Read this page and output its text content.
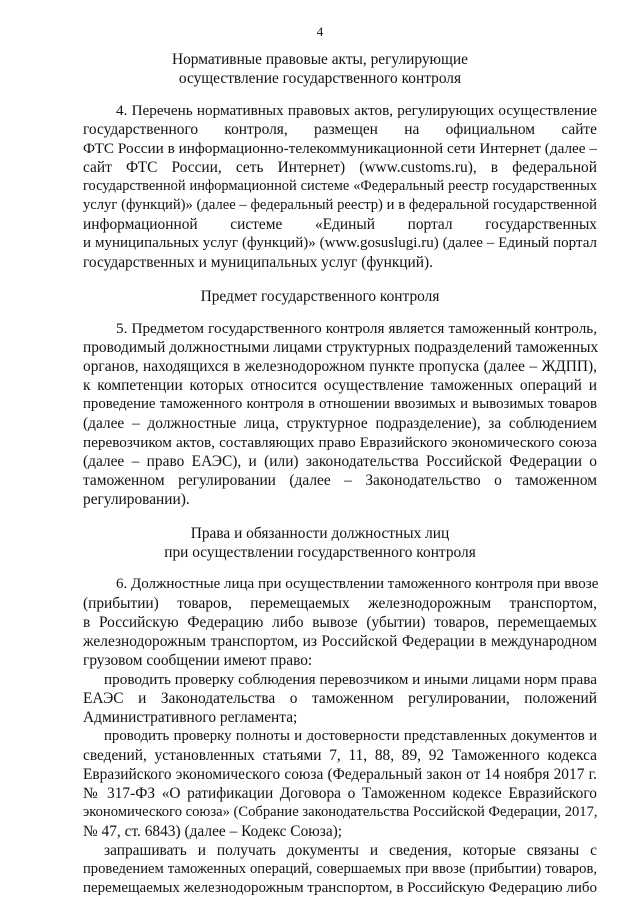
4
Нормативные правовые акты, регулирующие
осуществление государственного контроля
4. Перечень нормативных правовых актов, регулирующих осуществление
государственного контроля, размещен на официальном сайте
ФТС России в информационно-телекоммуникационной сети Интернет (далее –
сайт ФТС России, сеть Интернет) (www.customs.ru), в федеральной
государственной информационной системе «Федеральный реестр государственных
услуг (функций)» (далее – федеральный реестр) и в федеральной государственной
информационной системе «Единый портал государственных
и муниципальных услуг (функций)» (www.gosuslugi.ru) (далее – Единый портал
государственных и муниципальных услуг (функций).
Предмет государственного контроля
5. Предметом государственного контроля является таможенный контроль,
проводимый должностными лицами структурных подразделений таможенных
органов, находящихся в железнодорожном пункте пропуска (далее – ЖДПП),
к компетенции которых относится осуществление таможенных операций и
проведение таможенного контроля в отношении ввозимых и вывозимых товаров
(далее – должностные лица, структурное подразделение), за соблюдением
перевозчиком актов, составляющих право Евразийского экономического союза
(далее – право ЕАЭС), и (или) законодательства Российской Федерации о
таможенном регулировании (далее – Законодательство о таможенном
регулировании).
Права и обязанности должностных лиц
при осуществлении государственного контроля
6. Должностные лица при осуществлении таможенного контроля при ввозе
(прибытии) товаров, перемещаемых железнодорожным транспортом,
в Российскую Федерацию либо вывозе (убытии) товаров, перемещаемых
железнодорожным транспортом, из Российской Федерации в международном
грузовом сообщении имеют право:
проводить проверку соблюдения перевозчиком и иными лицами норм права
ЕАЭС и Законодательства о таможенном регулировании, положений
Административного регламента;
проводить проверку полноты и достоверности представленных документов и
сведений, установленных статьями 7, 11, 88, 89, 92 Таможенного кодекса
Евразийского экономического союза (Федеральный закон от 14 ноября 2017 г.
№ 317-ФЗ «О ратификации Договора о Таможенном кодексе Евразийского
экономического союза» (Собрание законодательства Российской Федерации, 2017,
№ 47, ст. 6843) (далее – Кодекс Союза);
запрашивать и получать документы и сведения, которые связаны с
проведением таможенных операций, совершаемых при ввозе (прибытии) товаров,
перемещаемых железнодорожным транспортом, в Российскую Федерацию либо
